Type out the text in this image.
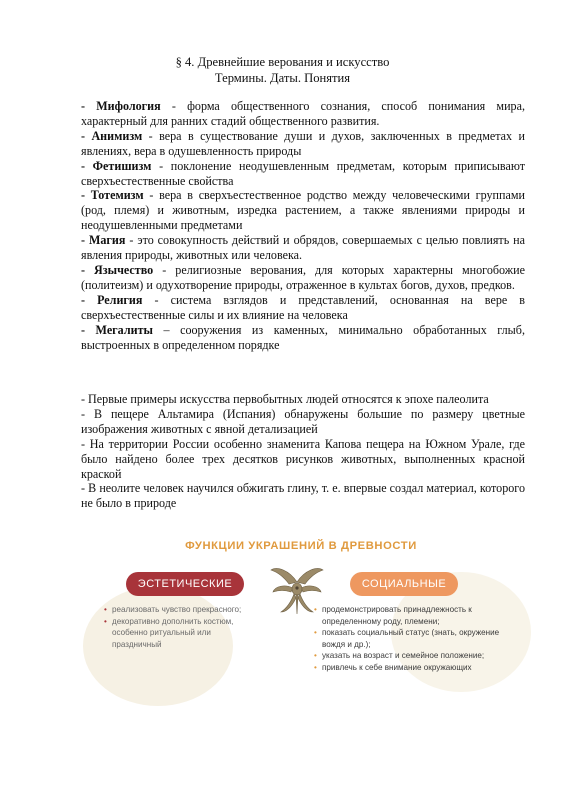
§ 4. Древнейшие верования и искусство
Термины. Даты. Понятия

- Мифология - форма общественного сознания, способ понимания мира, характерный для ранних стадий общественного развития.

- Анимизм - вера в существование души и духов, заключенных в предметах и явлениях, вера в одушевленность природы

- Фетишизм - поклонение неодушевленным предметам, которым приписывают сверхъестественные свойства

- Тотемизм - вера в сверхъестественное родство между человеческими группами (род, племя) и животным, изредка растением, а также явлениями природы и неодушевленными предметами

- Магия - это совокупность действий и обрядов, совершаемых с целью повлиять на явления природы, животных или человека.

- Язычество - религиозные верования, для которых характерны многобожие (политеизм) и одухотворение природы, отраженное в культах богов, духов, предков.

- Религия - система взглядов и представлений, основанная на вере в сверхъестественные силы и их влияние на человека

- Мегалиты – сооружения из каменных, минимально обработанных глыб, выстроенных в определенном порядке

- Первые примеры искусства первобытных людей относятся к эпохе палеолита

- В пещере Альтамира (Испания) обнаружены большие по размеру цветные изображения животных с явной детализацией

- На территории России особенно знаменита Капова пещера на Южном Урале, где было найдено более трех десятков рисунков животных, выполненных красной краской

- В неолите человек научился обжигать глину, т. е. впервые создал материал, которого не было в природе

ФУНКЦИИ УКРАШЕНИЙ В ДРЕВНОСТИ
ЭСТЕТИЧЕСКИЕ	СОЦИАЛЬНЫЕ
• реализовать чувство прекрасного;
• декоративно дополнить костюм, особенно ритуальный или праздничный
• продемонстрировать принадлежность к определенному роду, племени;
• показать социальный статус (знать, окружение вождя и др.);
• указать на возраст и семейное положение;
• привлечь к себе внимание окружающих
